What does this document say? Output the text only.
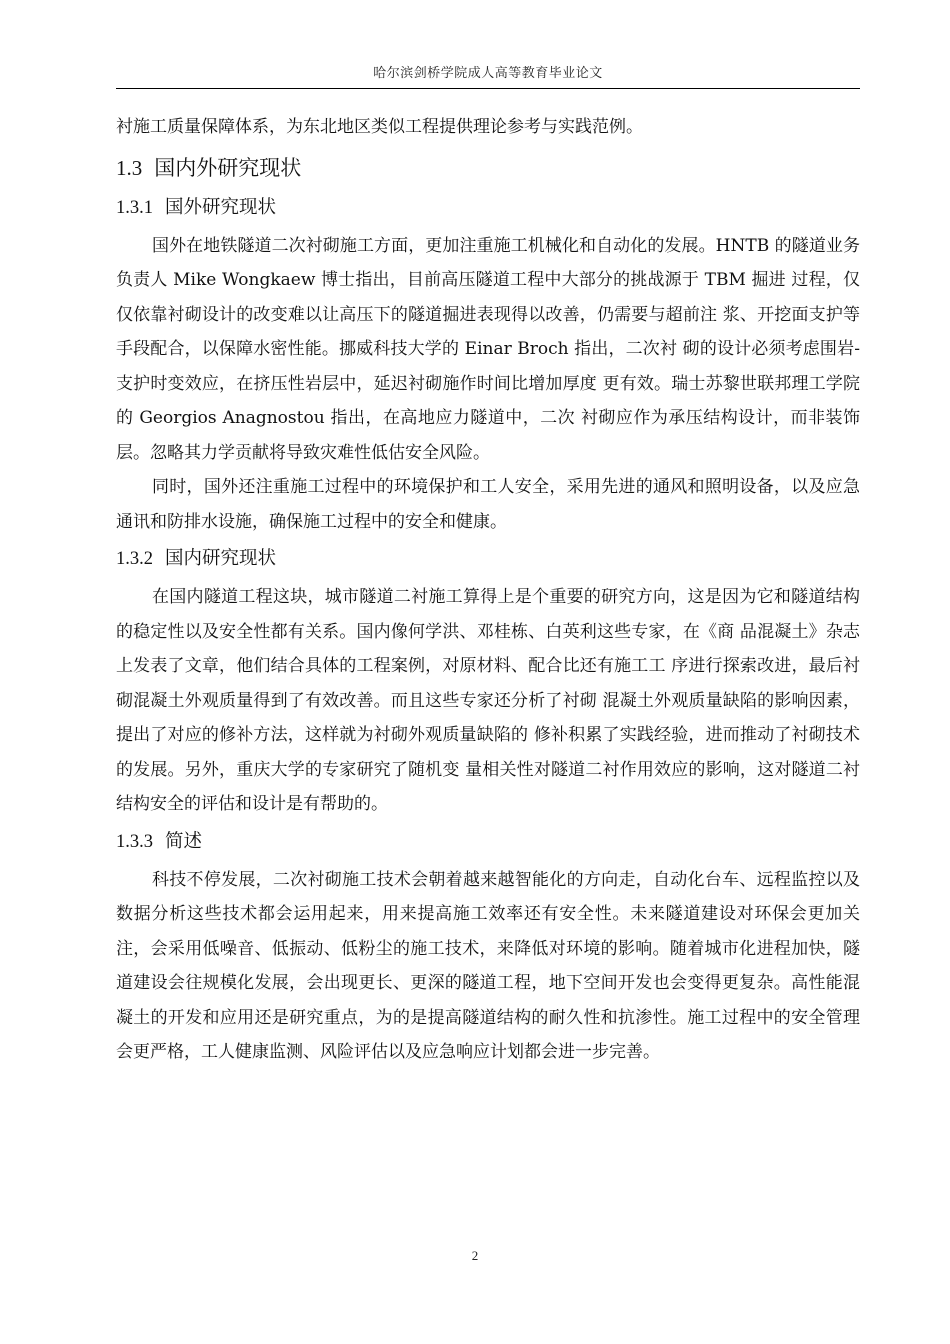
哈尔滨剑桥学院成人高等教育毕业论文

衬施工质量保障体系，为东北地区类似工程提供理论参考与实践范例。

1.3 国内外研究现状
1.3.1 国外研究现状

国外在地铁隧道二次衬砌施工方面，更加注重施工机械化和自动化的发展。HNTB 的隧道业务负责人 Mike Wongkaew 博士指出，目前高压隧道工程中大部分的挑战源于 TBM 掘进 过程，仅仅依靠衬砌设计的改变难以让高压下的隧道掘进表现得以改善，仍需要与超前注 浆、开挖面支护等手段配合，以保障水密性能。挪威科技大学的 Einar Broch 指出，二次衬 砌的设计必须考虑围岩-支护时变效应，在挤压性岩层中，延迟衬砌施作时间比增加厚度 更有效。瑞士苏黎世联邦理工学院的 Georgios Anagnostou 指出，在高地应力隧道中，二次 衬砌应作为承压结构设计，而非装饰层。忽略其力学贡献将导致灾难性低估安全风险。

同时，国外还注重施工过程中的环境保护和工人安全，采用先进的通风和照明设备，以及应急通讯和防排水设施，确保施工过程中的安全和健康。

1.3.2 国内研究现状

在国内隧道工程这块，城市隧道二衬施工算得上是个重要的研究方向，这是因为它和隧道结构的稳定性以及安全性都有关系。国内像何学洪、邓桂栋、白英利这些专家，在《商 品混凝土》杂志上发表了文章，他们结合具体的工程案例，对原材料、配合比还有施工工 序进行探索改进，最后衬砌混凝土外观质量得到了有效改善。而且这些专家还分析了衬砌 混凝土外观质量缺陷的影响因素，提出了对应的修补方法，这样就为衬砌外观质量缺陷的 修补积累了实践经验，进而推动了衬砌技术的发展。另外，重庆大学的专家研究了随机变 量相关性对隧道二衬作用效应的影响，这对隧道二衬结构安全的评估和设计是有帮助的。

1.3.3 简述

科技不停发展，二次衬砌施工技术会朝着越来越智能化的方向走，自动化台车、远程监控以及数据分析这些技术都会运用起来，用来提高施工效率还有安全性。未来隧道建设对环保会更加关注，会采用低噪音、低振动、低粉尘的施工技术，来降低对环境的影响。随着城市化进程加快，隧道建设会往规模化发展，会出现更长、更深的隧道工程，地下空间开发也会变得更复杂。高性能混凝土的开发和应用还是研究重点，为的是提高隧道结构的耐久性和抗渗性。施工过程中的安全管理会更严格，工人健康监测、风险评估以及应急响应计划都会进一步完善。

2
